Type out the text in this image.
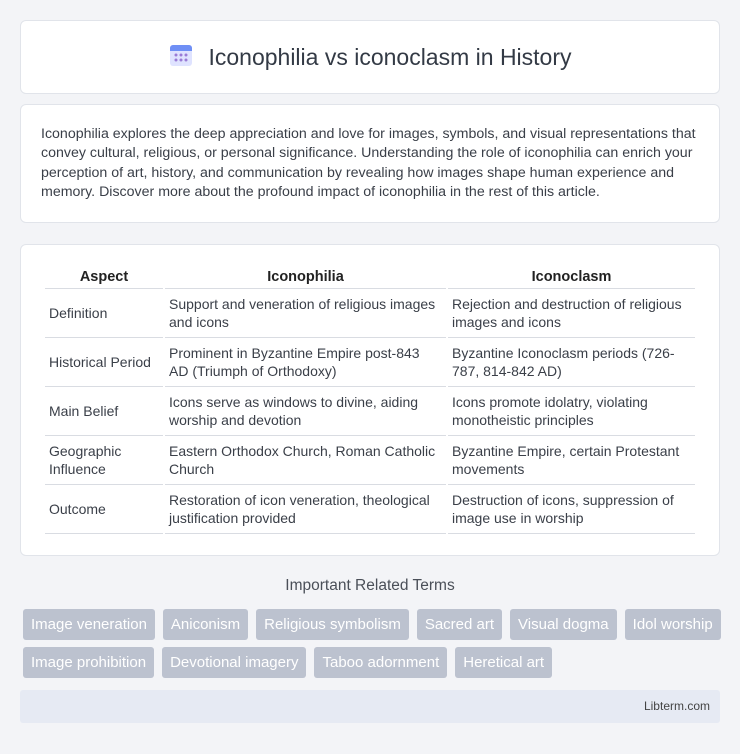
Iconophilia vs iconoclasm in History

Iconophilia explores the deep appreciation and love for images, symbols, and visual representations that convey cultural, religious, or personal significance. Understanding the role of iconophilia can enrich your perception of art, history, and communication by revealing how images shape human experience and memory. Discover more about the profound impact of iconophilia in the rest of this article.

Aspect	Iconophilia	Iconoclasm
Definition	Support and veneration of religious images and icons	Rejection and destruction of religious images and icons
Historical Period	Prominent in Byzantine Empire post-843 AD (Triumph of Orthodoxy)	Byzantine Iconoclasm periods (726-787, 814-842 AD)
Main Belief	Icons serve as windows to divine, aiding worship and devotion	Icons promote idolatry, violating monotheistic principles
Geographic Influence	Eastern Orthodox Church, Roman Catholic Church	Byzantine Empire, certain Protestant movements
Outcome	Restoration of icon veneration, theological justification provided	Destruction of icons, suppression of image use in worship
Important Related Terms
Image veneration	Aniconism	Religious symbolism	Sacred art	Visual dogma	Idol worship
Image prohibition	Devotional imagery	Taboo adornment	Heretical art
Libterm.com
